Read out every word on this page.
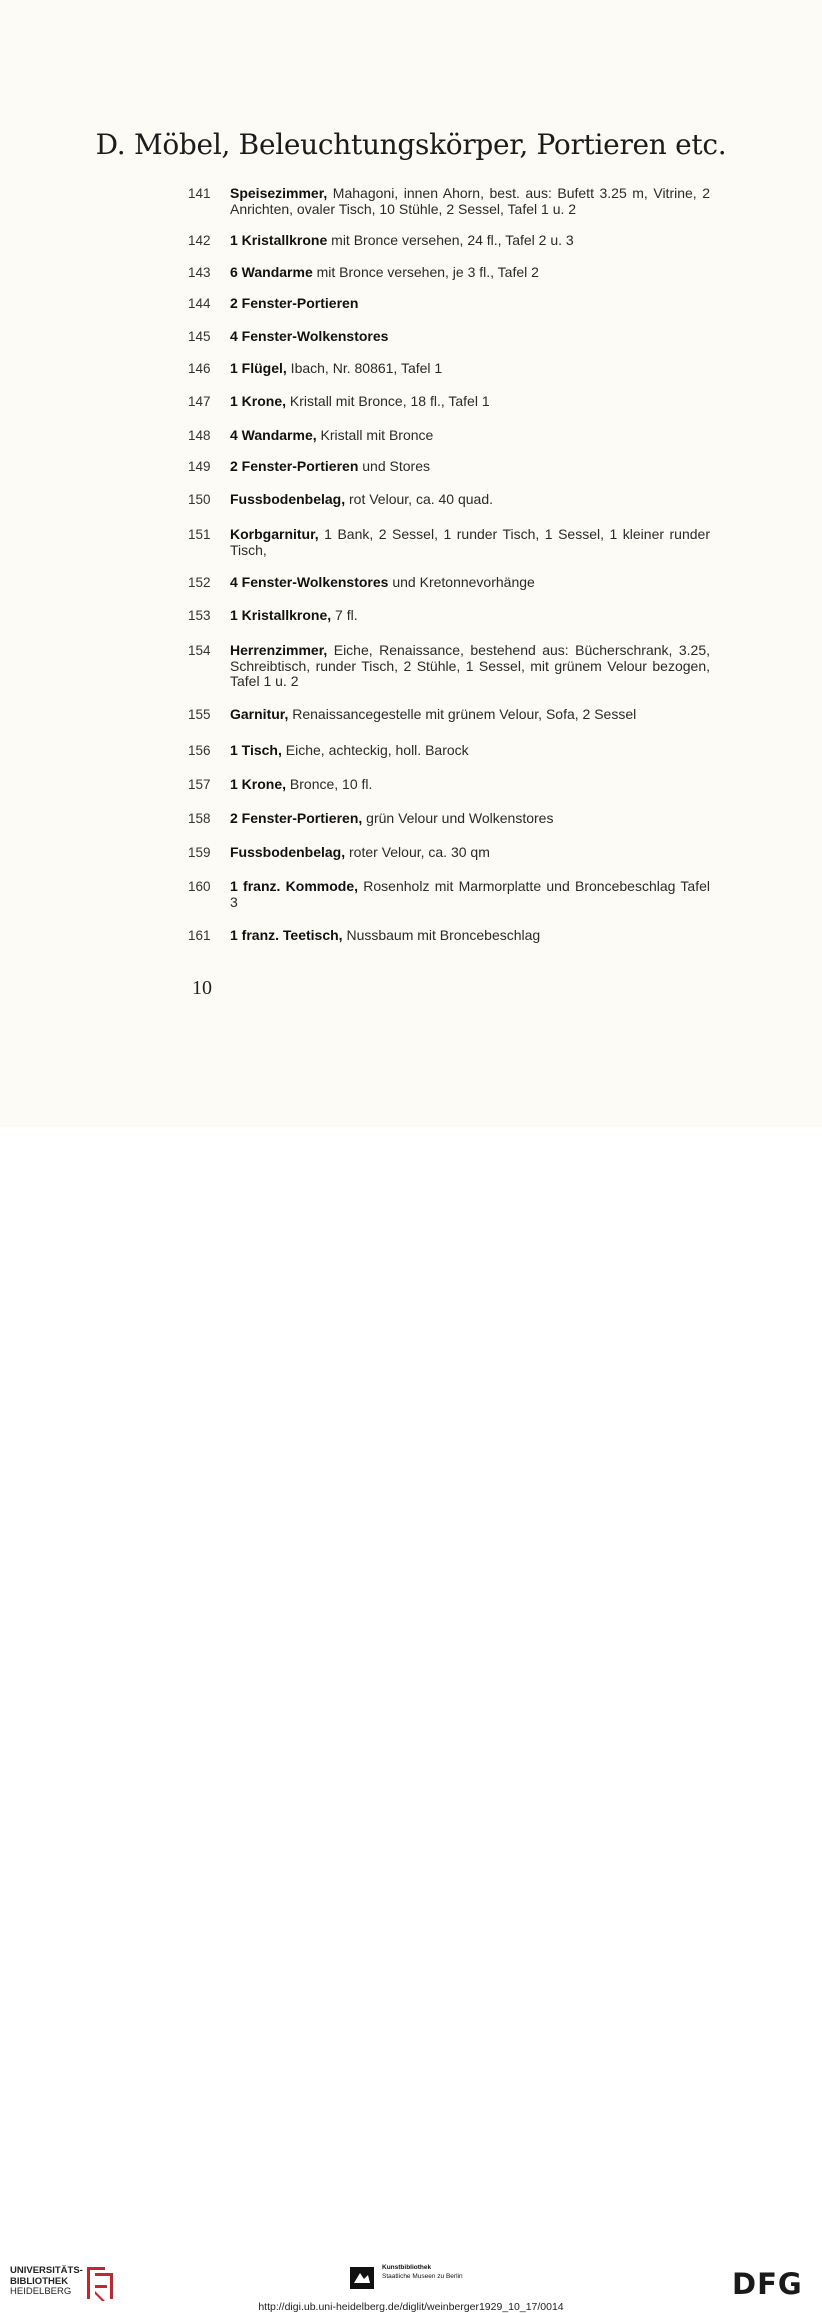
D. Möbel, Beleuchtungskörper, Portieren etc.
141	Speisezimmer, Mahagoni, innen Ahorn, best. aus: Bufett 3.25 m, Vitrine, 2 Anrichten, ovaler Tisch, 10 Stühle, 2 Sessel, Tafel 1 u. 2
142	1 Kristallkrone mit Bronce versehen, 24 fl., Tafel 2 u. 3
143	6 Wandarme mit Bronce versehen, je 3 fl., Tafel 2
144	2 Fenster-Portieren
145	4 Fenster-Wolkenstores
146	1 Flügel, Ibach, Nr. 80861, Tafel 1
147	1 Krone, Kristall mit Bronce, 18 fl., Tafel 1
148	4 Wandarme, Kristall mit Bronce
149	2 Fenster-Portieren und Stores
150	Fussbodenbelag, rot Velour, ca. 40 quad.
151	Korbgarnitur, 1 Bank, 2 Sessel, 1 runder Tisch, 1 Sessel, 1 kleiner runder Tisch,
152	4 Fenster-Wolkenstores und Kretonnevorhänge
153	1 Kristallkrone, 7 fl.
154	Herrenzimmer, Eiche, Renaissance, bestehend aus: Bücherschrank, 3.25, Schreibtisch, runder Tisch, 2 Stühle, 1 Sessel, mit grünem Velour bezogen, Tafel 1 u. 2
155	Garnitur, Renaissancegestelle mit grünem Velour, Sofa, 2 Sessel
156	1 Tisch, Eiche, achteckig, holl. Barock
157	1 Krone, Bronce, 10 fl.
158	2 Fenster-Portieren, grün Velour und Wolkenstores
159	Fussbodenbelag, roter Velour, ca. 30 qm
160	1 franz. Kommode, Rosenholz mit Marmorplatte und Broncebeschlag Tafel 3
161	1 franz. Teetisch, Nussbaum mit Broncebeschlag
10
UNIVERSITÄTS-
BIBLIOTHEK
HEIDELBERG
Kunstbibliothek
Staatliche Museen zu Berlin	DFG
http://digi.ub.uni-heidelberg.de/diglit/weinberger1929_10_17/0014
